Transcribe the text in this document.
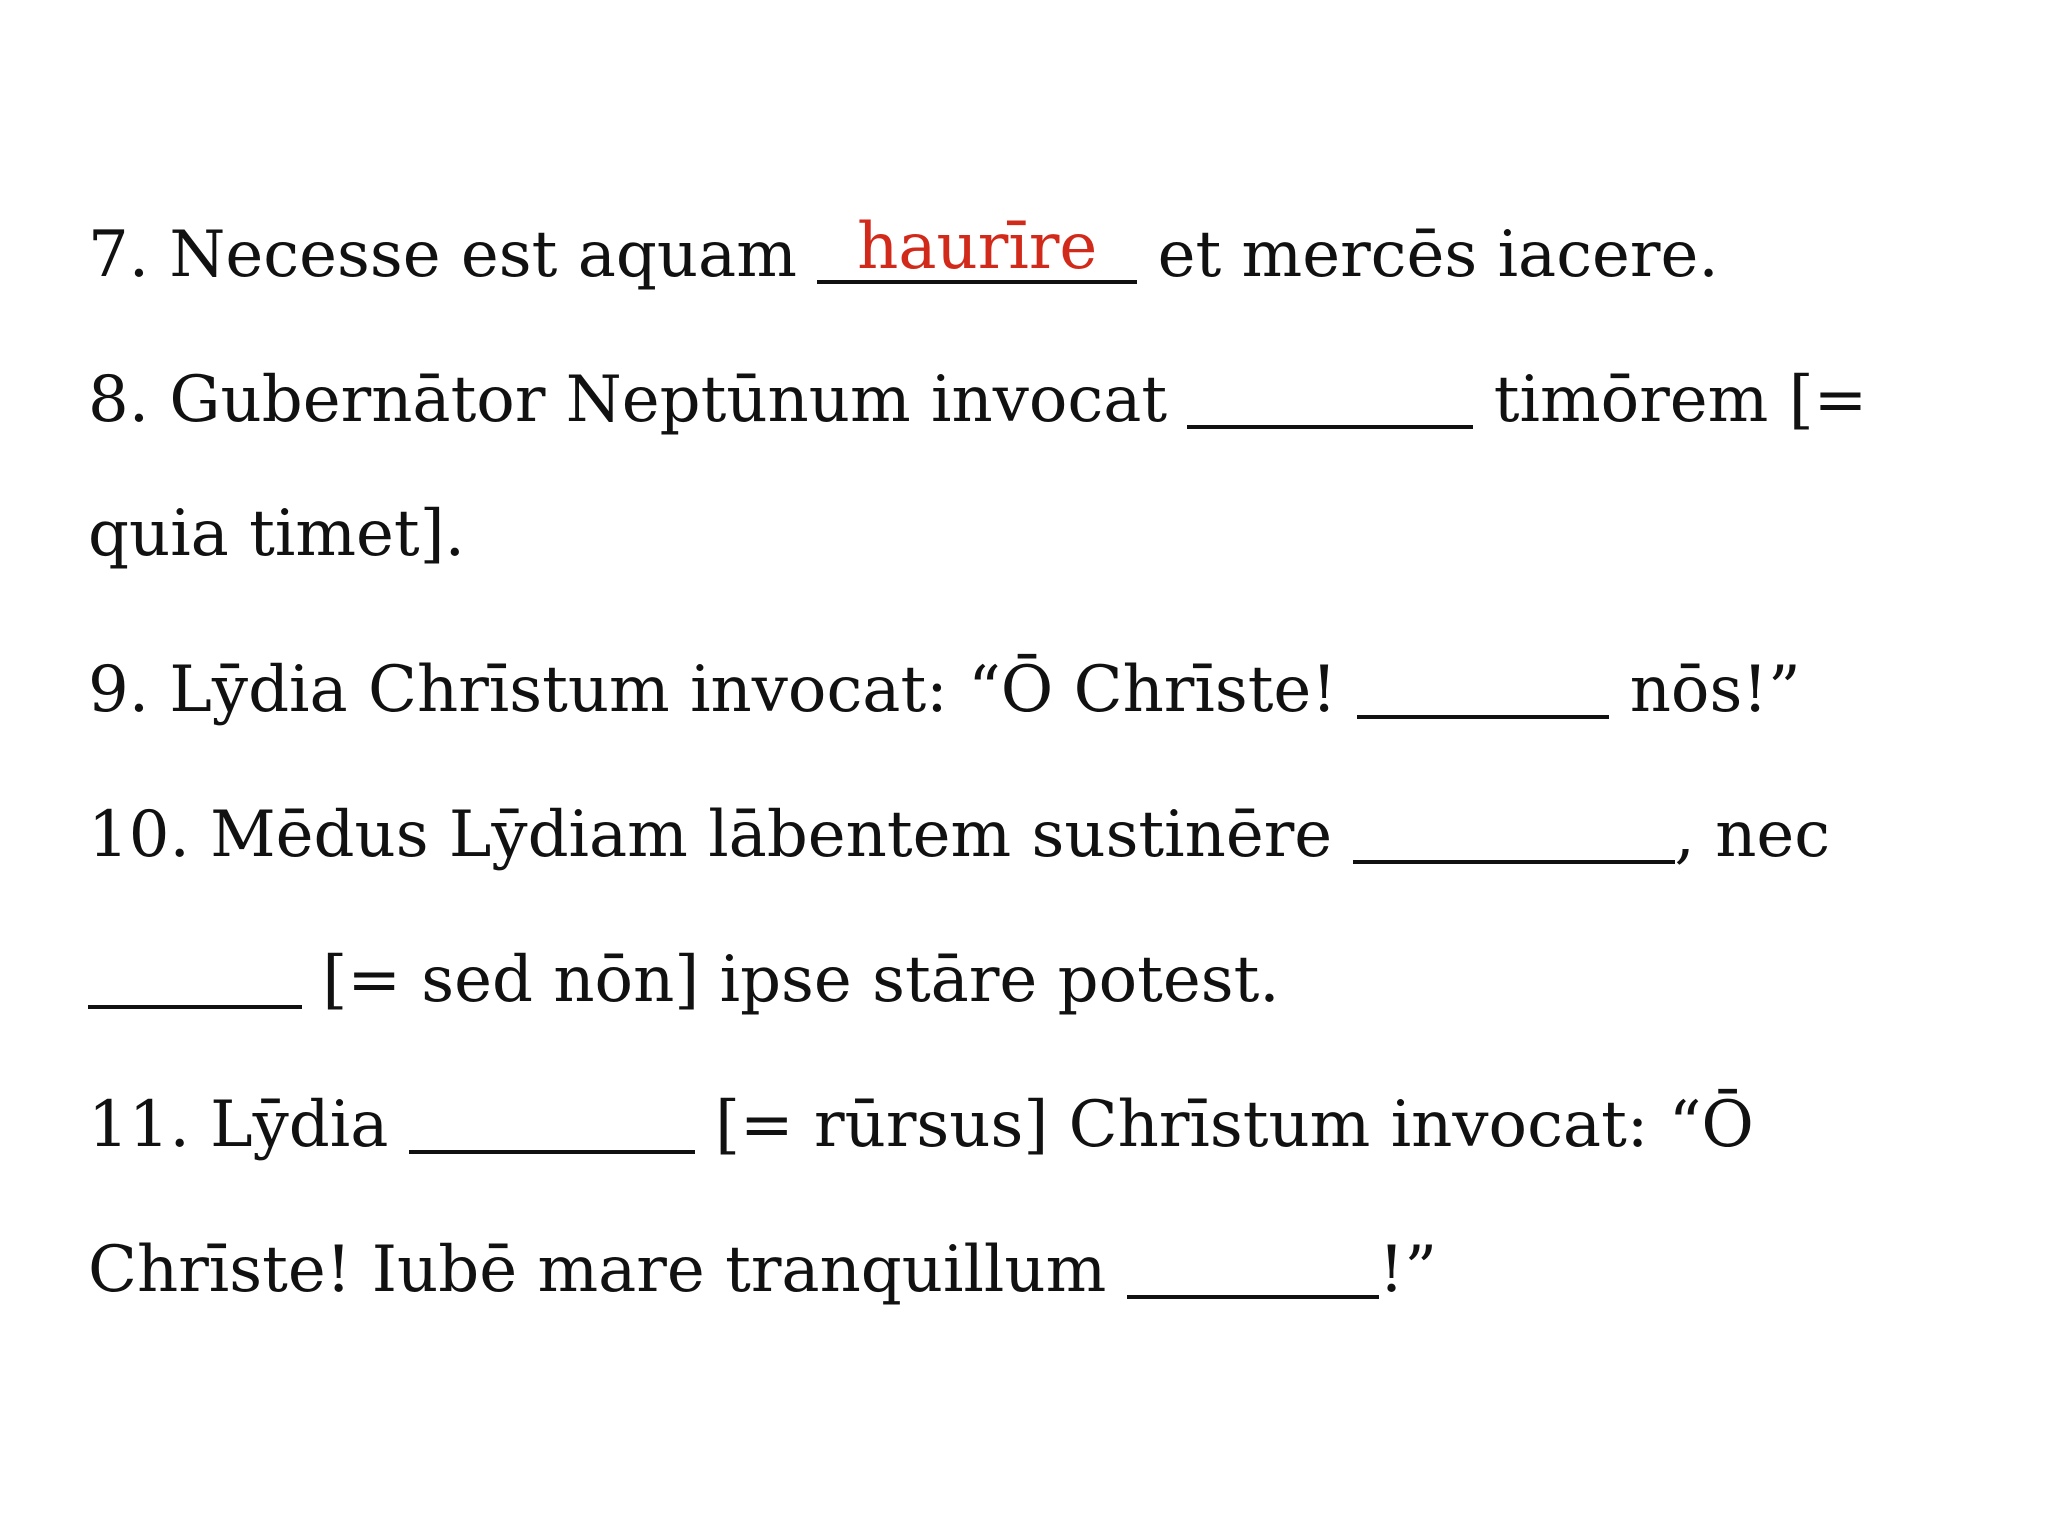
7. Necesse est aquam haurīre et mercēs iacere.
8. Gubernātor Neptūnum invocat	timōrem [=
quia timet].
9. Lȳdia Chrīstum invocat: “Ō Chrīste!	nōs!”
10. Mēdus Lȳdiam lābentem sustinēre	, nec
[= sed nōn] ipse stāre potest.
11. Lȳdia	[= rūrsus] Chrīstum invocat: “Ō
Chrīste! Iubē mare tranquillum	!”
